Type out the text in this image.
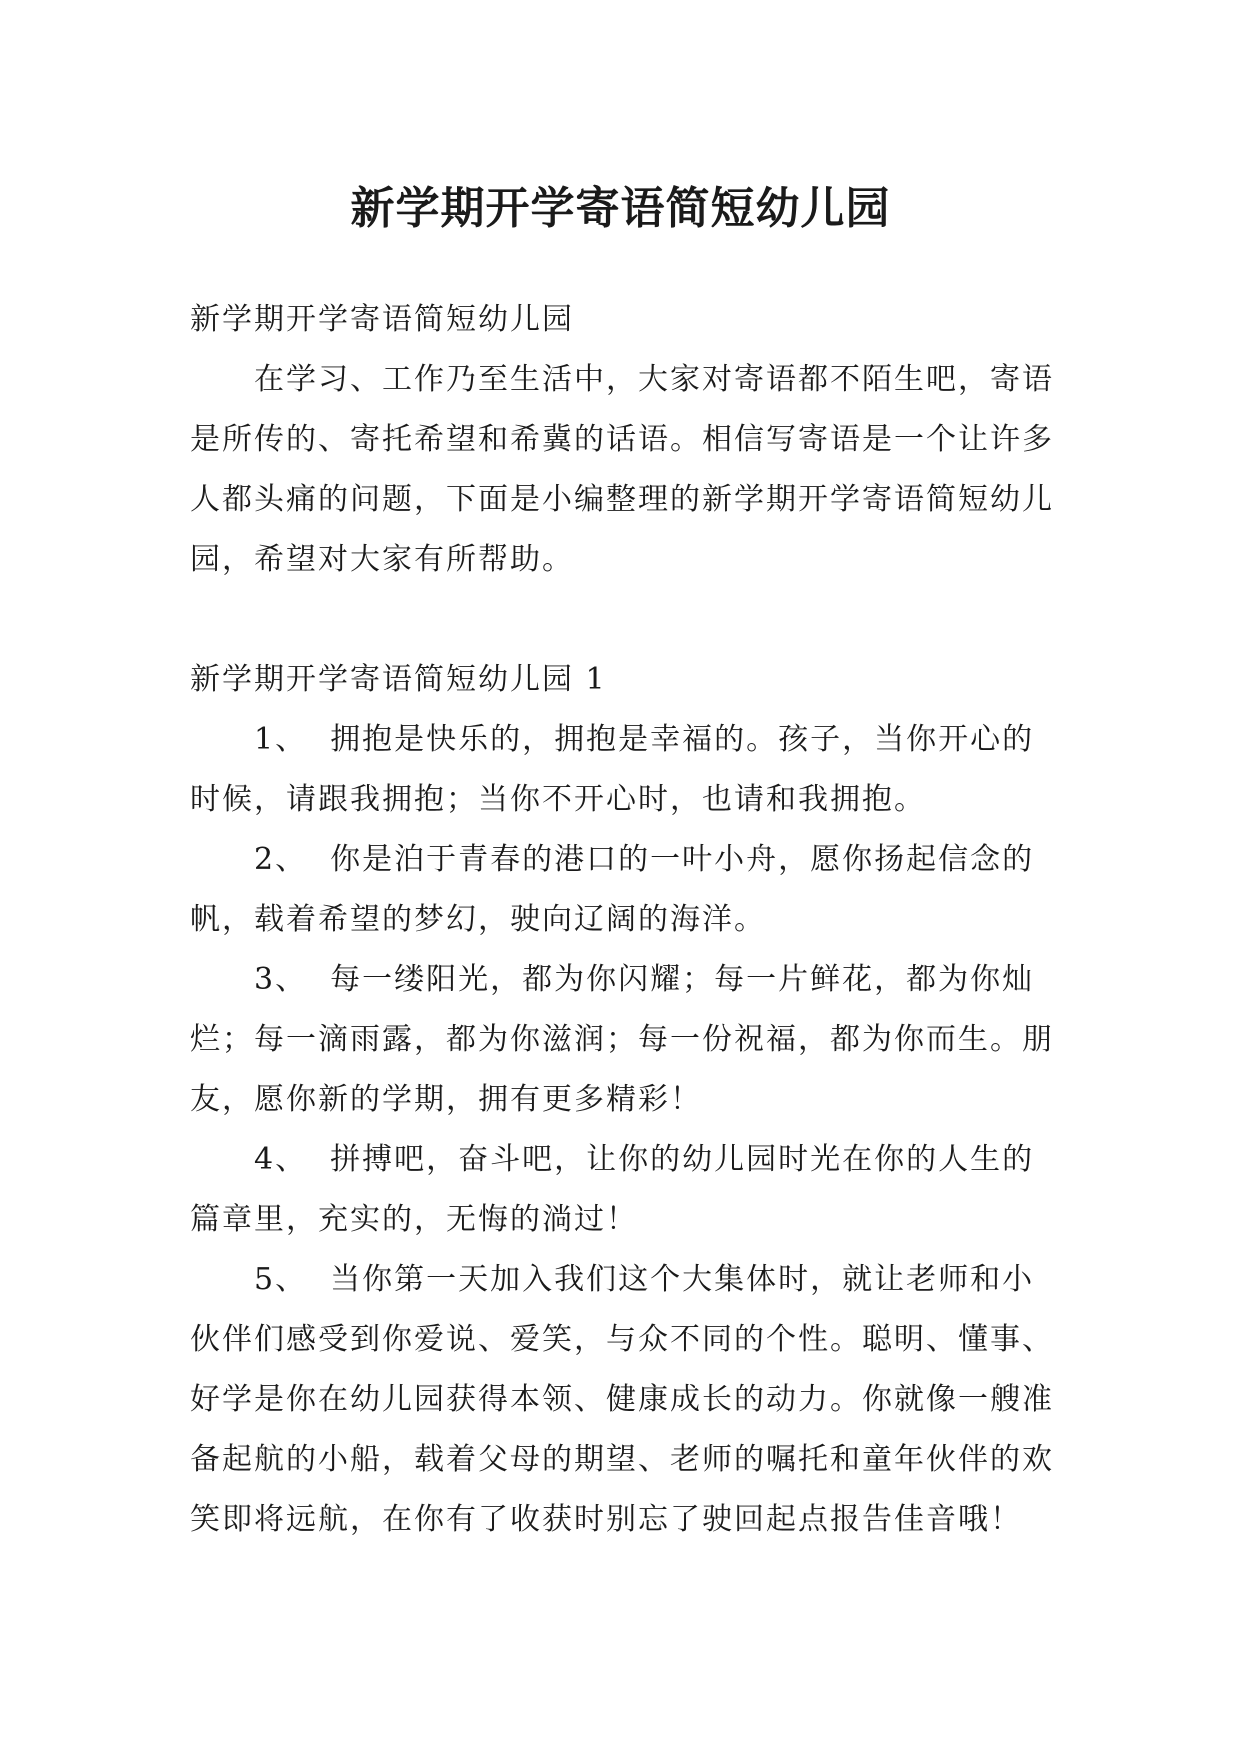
新学期开学寄语简短幼儿园

新学期开学寄语简短幼儿园

在学习、工作乃至生活中，大家对寄语都不陌生吧，寄语是所传的、寄托希望和希冀的话语。相信写寄语是一个让许多人都头痛的问题，下面是小编整理的新学期开学寄语简短幼儿园，希望对大家有所帮助。

新学期开学寄语简短幼儿园 1

1、 拥抱是快乐的，拥抱是幸福的。孩子，当你开心的时候，请跟我拥抱；当你不开心时，也请和我拥抱。

2、 你是泊于青春的港口的一叶小舟，愿你扬起信念的帆，载着希望的梦幻，驶向辽阔的海洋。

3、 每一缕阳光，都为你闪耀；每一片鲜花，都为你灿烂；每一滴雨露，都为你滋润；每一份祝福，都为你而生。朋友，愿你新的学期，拥有更多精彩！

4、 拼搏吧，奋斗吧，让你的幼儿园时光在你的人生的篇章里，充实的，无悔的淌过！

5、 当你第一天加入我们这个大集体时，就让老师和小伙伴们感受到你爱说、爱笑，与众不同的个性。聪明、懂事、好学是你在幼儿园获得本领、健康成长的动力。你就像一艘准备起航的小船，载着父母的期望、老师的嘱托和童年伙伴的欢笑即将远航，在你有了收获时别忘了驶回起点报告佳音哦！
